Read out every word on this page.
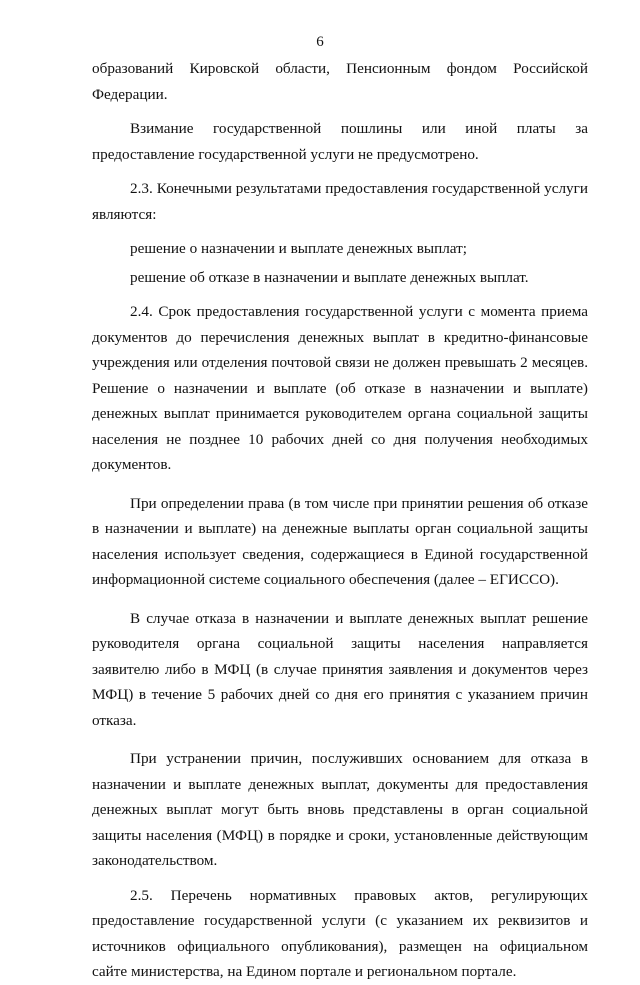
6
образований Кировской области, Пенсионным фондом Российской
Федерации.
Взимание государственной пошлины или иной платы за
предоставление государственной услуги не предусмотрено.
2.3. Конечными результатами предоставления государственной услуги
являются:

решение о назначении и выплате денежных выплат;

решение об отказе в назначении и выплате денежных выплат.

2.4. Срок предоставления государственной услуги с момента приема документов до перечисления денежных выплат в кредитно-финансовые учреждения или отделения почтовой связи не должен превышать 2 месяцев. Решение о назначении и выплате (об отказе в назначении и выплате) денежных выплат принимается руководителем органа социальной защиты населения не позднее 10 рабочих дней со дня получения необходимых документов.

При определении права (в том числе при принятии решения об отказе в назначении и выплате) на денежные выплаты орган социальной защиты населения использует сведения, содержащиеся в Единой государственной информационной системе социального обеспечения (далее – ЕГИССО).

В случае отказа в назначении и выплате денежных выплат решение руководителя органа социальной защиты населения направляется заявителю либо в МФЦ (в случае принятия заявления и документов через МФЦ) в течение 5 рабочих дней со дня его принятия с указанием причин отказа.

При устранении причин, послуживших основанием для отказа в назначении и выплате денежных выплат, документы для предоставления денежных выплат могут быть вновь представлены в орган социальной защиты населения (МФЦ) в порядке и сроки, установленные действующим законодательством.

2.5. Перечень нормативных правовых актов, регулирующих предоставление государственной услуги (с указанием их реквизитов и источников официального опубликования), размещен на официальном сайте министерства, на Едином портале и региональном портале.
